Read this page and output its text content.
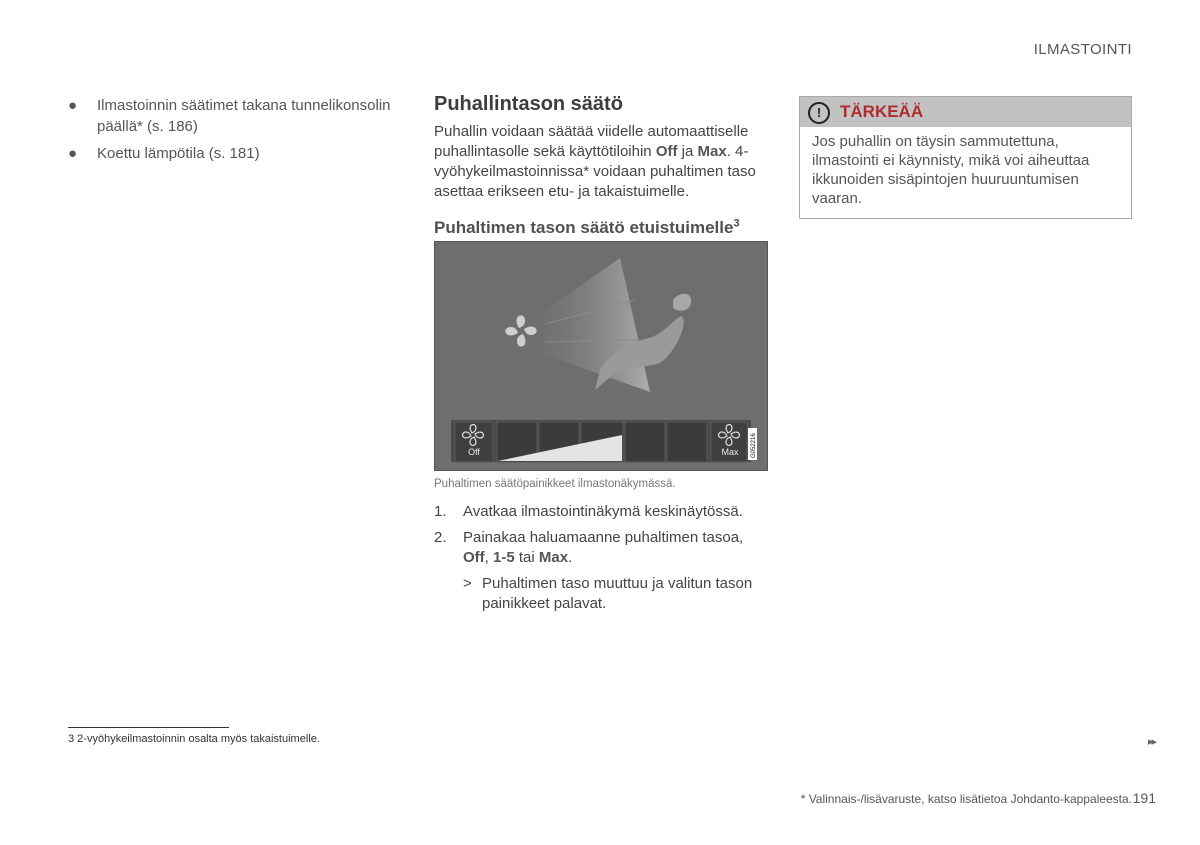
ILMASTOINTI
● Ilmastoinnin säätimet takana tunnelikonsolin päällä* (s. 186)
● Koettu lämpötila (s. 181)
Puhallintason säätö

Puhallin voidaan säätää viidelle automaattiselle puhallintasolle sekä käyttötiloihin Off ja Max. 4-vyöhykeilmastoinnissa* voidaan puhaltimen taso asettaa erikseen etu- ja takaistuimelle.

Puhaltimen tason säätö etuistuimelle$^3$
Off	Max G052216
Puhaltimen säätöpainikkeet ilmastonäkymässä.
1. Avatkaa ilmastointinäkymä keskinäytössä.
2. Painakaa haluamaanne puhaltimen tasoa,
Off, 1-5 tai Max.
> Puhaltimen taso muuttuu ja valitun tason painikkeet palavat.
!	TÄRKEÄÄ
Jos puhallin on täysin sammutettuna, ilmastointi ei käynnisty, mikä voi aiheuttaa ikkunoiden sisäpintojen huuruuntumisen vaaran.
3 2-vyöhykeilmastoinnin osalta myös takaistuimelle.	▸▸
* Valinnais-/lisävaruste, katso lisätietoa Johdanto-kappaleesta. 191
